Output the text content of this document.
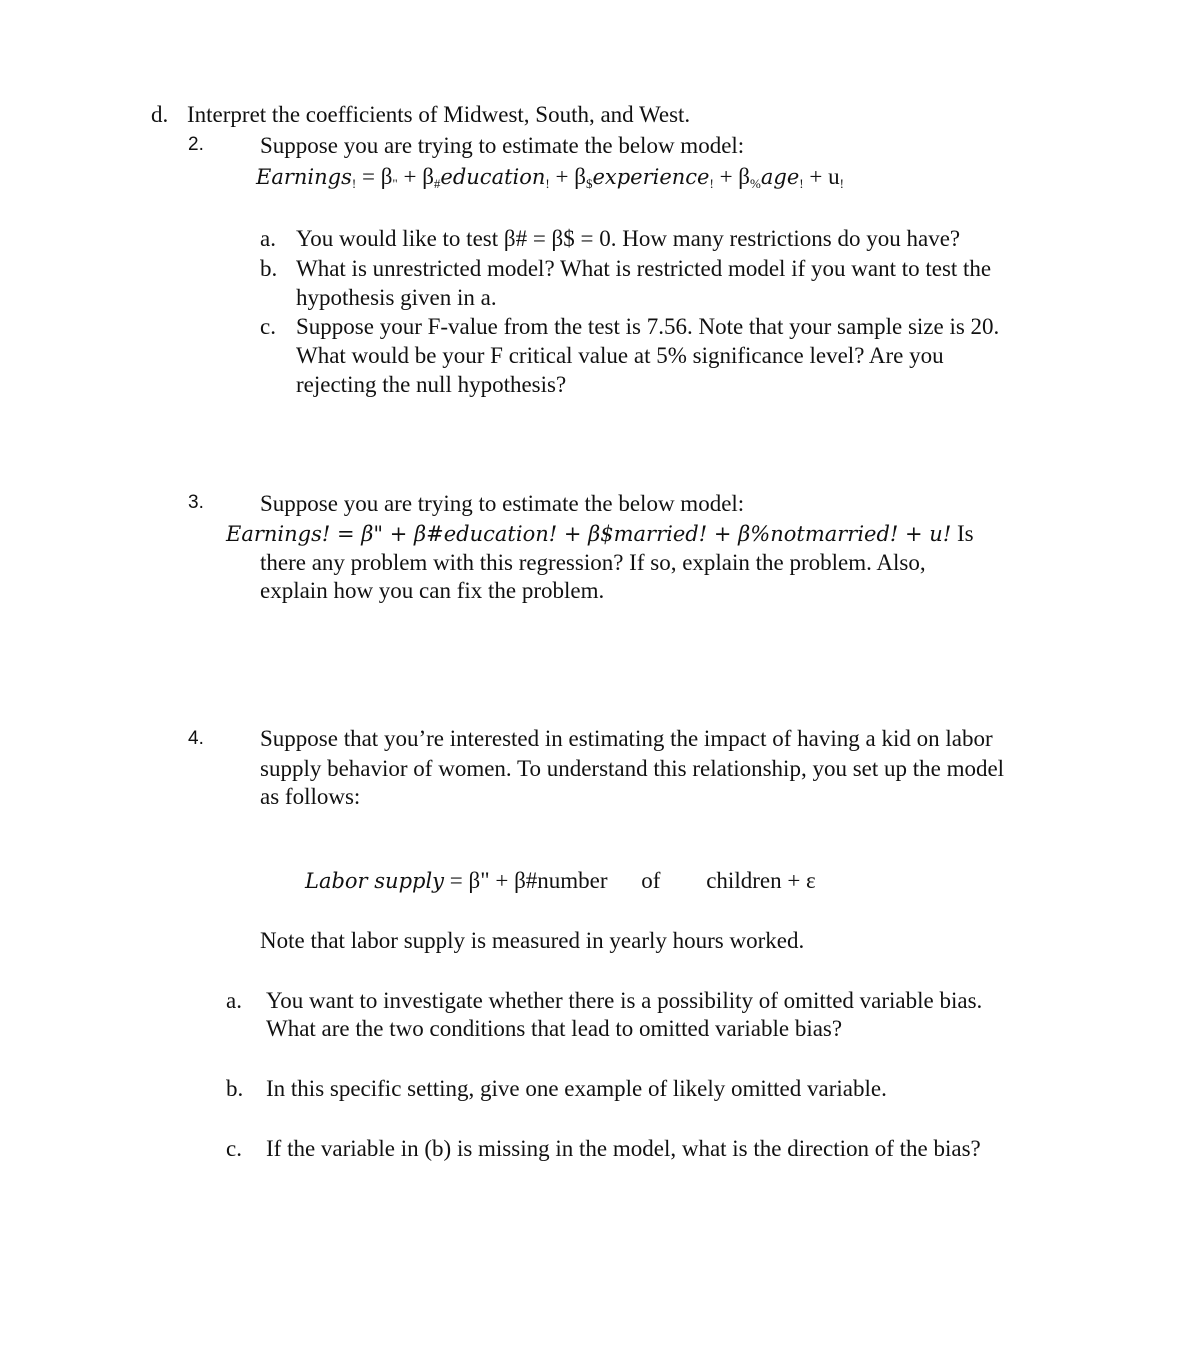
d. Interpret the coefficients of Midwest, South, and West.
2. Suppose you are trying to estimate the below model:
Earnings$_!$ = $\beta_"$ + $\beta_{\#}education_!$ + $\beta_{\$}experience_! + \beta_{\%}age_! + u_!$
a. You would like to test β# = β$ = 0. How many restrictions do you have?
b. What is unrestricted model? What is restricted model if you want to test the
hypothesis given in a.
c. Suppose your F-value from the test is 7.56. Note that your sample size is 20.
What would be your F critical value at 5% significance level? Are you
rejecting the null hypothesis?
3. Suppose you are trying to estimate the below model:
Earnings! = β" + β#education! + β$married! + β%notmarried! + u! Is
there any problem with this regression? If so, explain the problem. Also,
explain how you can fix the problem.
4. Suppose that you’re interested in estimating the impact of having a kid on labor
supply behavior of women. To understand this relationship, you set up the model
as follows:
Labor supply = β" + β#number of children + ε
Note that labor supply is measured in yearly hours worked.
a. You want to investigate whether there is a possibility of omitted variable bias.
What are the two conditions that lead to omitted variable bias?
b. In this specific setting, give one example of likely omitted variable.
c. If the variable in (b) is missing in the model, what is the direction of the bias?
